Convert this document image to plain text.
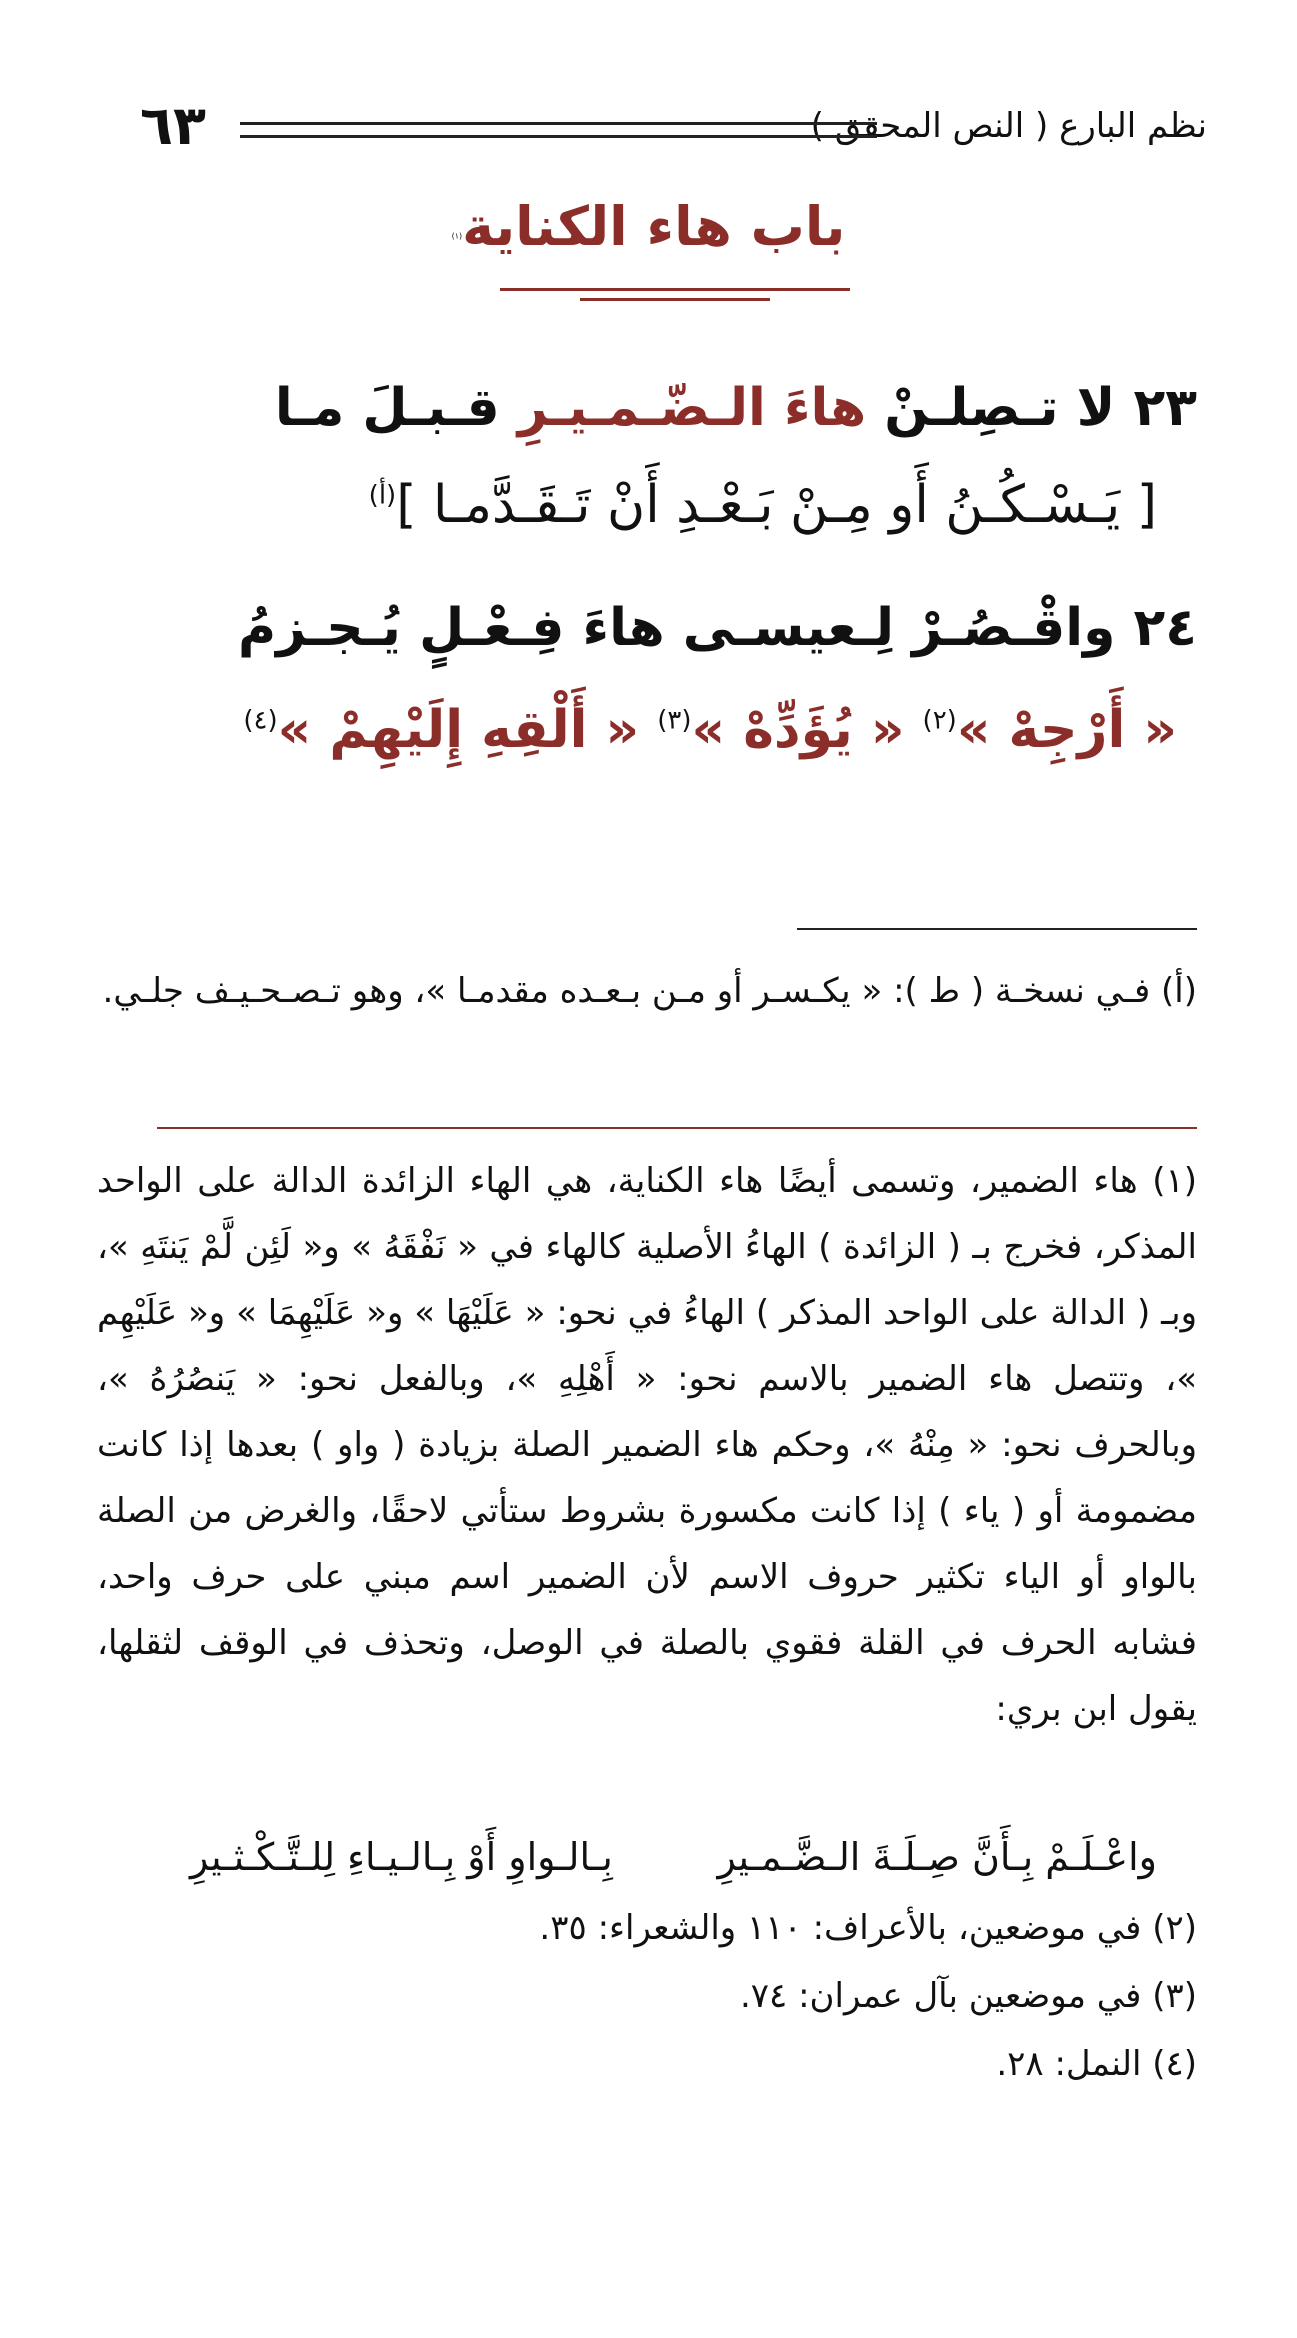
نظم البارع ( النص المحقق )
٦٣
باب هاء الكناية$^{(١)}$
٢٣ لا تـصِلـنْ هاءَ الـضّـمـيـرِ قـبـلَ مـا
[ يَـسْـكُـنُ أَو مِـنْ بَـعْـدِ أَنْ تَـقَـدَّمـا ]$^{(أ)}$
٢٤ واقْـصُـرْ لِـعيسـى هاءَ فِـعْـلٍ يُـجـزمُ
« أَرْجِهْ »$^{(٢)}$ « يُؤَدِّهْ »$^{(٣)}$ « أَلْقِهِ إِلَيْهِمْ »$^{(٤)}$
(أ) فـي نسخـة ( ط ): « يكـسـر أو مـن بـعـده مقدمـا »، وهو تـصـحـيـف جلـي.
(١) هاء الضمير، وتسمى أيضًا هاء الكناية، هي الهاء الزائدة الدالة على الواحد المذكر، فخرج بـ ( الزائدة ) الهاءُ الأصلية كالهاء في « نَفْقَهُ » و« لَئِن لَّمْ يَنتَهِ »، وبـ ( الدالة على الواحد المذكر ) الهاءُ في نحو: « عَلَيْهَا » و« عَلَيْهِمَا » و« عَلَيْهِم »، وتتصل هاء الضمير بالاسم نحو: « أَهْلِهِ »، وبالفعل نحو: « يَنصُرُهُ »، وبالحرف نحو: « مِنْهُ »، وحكم هاء الضمير الصلة بزيادة ( واو ) بعدها إذا كانت مضمومة أو ( ياء ) إذا كانت مكسورة بشروط ستأتي لاحقًا، والغرض من الصلة بالواو أو الياء تكثير حروف الاسم لأن الضمير اسم مبني على حرف واحد، فشابه الحرف في القلة فقوي بالصلة في الوصل، وتحذف في الوقف لثقلها، يقول ابن بري:
واعْـلَـمْ بِـأَنَّ صِـلَـةَ الـضَّـمـيرِ
بِـالـواوِ أَوْ بِـالـيـاءِ لِلـتَّـكْـثـيرِ
(٢) في موضعين، بالأعراف: ١١٠ والشعراء: ٣٥.
(٣) في موضعين بآل عمران: ٧٤.
(٤) النمل: ٢٨.
